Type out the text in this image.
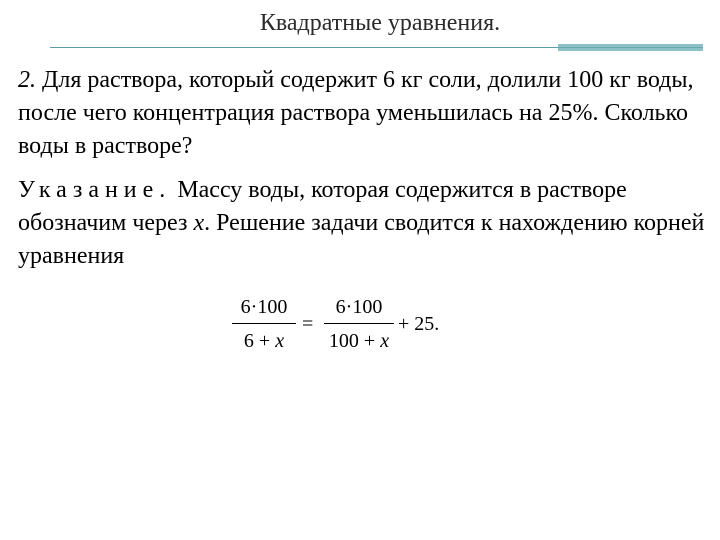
Квадратные уравнения.

2. Для раствора, который содержит 6 кг соли, долили 100 кг воды, после чего концентрация раствора уменьшилась на 25%. Сколько воды в растворе?

Указание. Массу воды, которая содержится в растворе обозначим через x. Решение задачи сводится к нахождению корней уравнения

6·100
6 + x
=
6·100
100 + x
+ 25.
